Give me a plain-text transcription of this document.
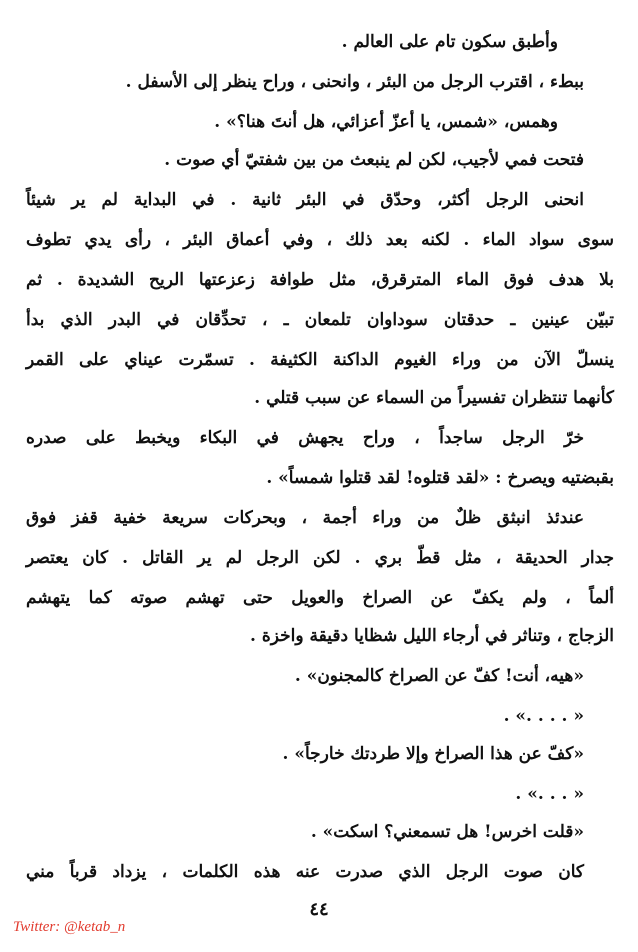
وأطبق سكون تام على العالم .
ببطء ، اقترب الرجل من البئر ، وانحنى ، وراح ينظر إلى الأسفل .
وهمس، «شمس، يا أعزّ أعزائي، هل أنتَ هنا؟» .
فتحت فمي لأجيب، لكن لم ينبعث من بين شفتيّ أي صوت .
انحنى الرجل أكثر، وحدّق في البئر ثانية . في البداية لم ير شيئاً
سوى سواد الماء . لكنه بعد ذلك ، وفي أعماق البئر ، رأى يدي تطوف
بلا هدف فوق الماء المترقرق، مثل طوافة زعزعتها الريح الشديدة . ثم
تبيّن عينين ـ حدقتان سوداوان تلمعان ـ ، تحدِّقان في البدر الذي بدأ
ينسلّ الآن من وراء الغيوم الداكنة الكثيفة . تسمّرت عيناي على القمر
كأنهما تنتظران تفسيراً من السماء عن سبب قتلي .
خرّ الرجل ساجداً ، وراح يجهش في البكاء ويخبط على صدره
بقبضتيه ويصرخ : «لقد قتلوه! لقد قتلوا شمساً» .
عندئذ انبثق ظلٌ من وراء أجمة ، وبحركات سريعة خفية قفز فوق
جدار الحديقة ، مثل قطّ بري . لكن الرجل لم ير القاتل . كان يعتصر
ألماً ، ولم يكفّ عن الصراخ والعويل حتى تهشم صوته كما يتهشم
الزجاج ، وتناثر في أرجاء الليل شظايا دقيقة واخزة .
«هيه، أنت! كفّ عن الصراخ كالمجنون» .
« . . . .» .
«كفّ عن هذا الصراخ وإلا طردتك خارجاً» .
« . . .» .
«قلت اخرس! هل تسمعني؟ اسكت» .
كان صوت الرجل الذي صدرت عنه هذه الكلمات ، يزداد قرباً مني
٤٤
Twitter: @ketab_n
